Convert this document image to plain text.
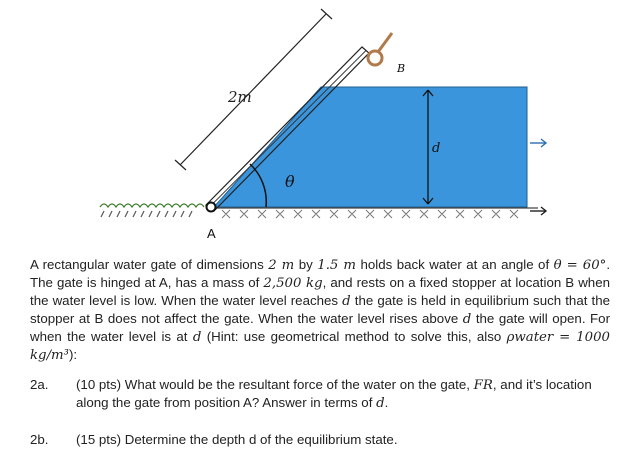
2m
θ
d
A
B

A rectangular water gate of dimensions 2 m by 1.5 m holds back water at an angle of θ = 60°. The gate is hinged at A, has a mass of 2,500 kg, and rests on a fixed stopper at location B when the water level is low. When the water level reaches d the gate is held in equilibrium such that the stopper at B does not affect the gate. When the water level rises above d the gate will open. For when the water level is at d (Hint: use geometrical method to solve this, also ρwater = 1000 kg/m³):

2a. (10 pts) What would be the resultant force of the water on the gate, FR, and it’s location along the gate from position A? Answer in terms of d.
2b. (15 pts) Determine the depth d of the equilibrium state.
